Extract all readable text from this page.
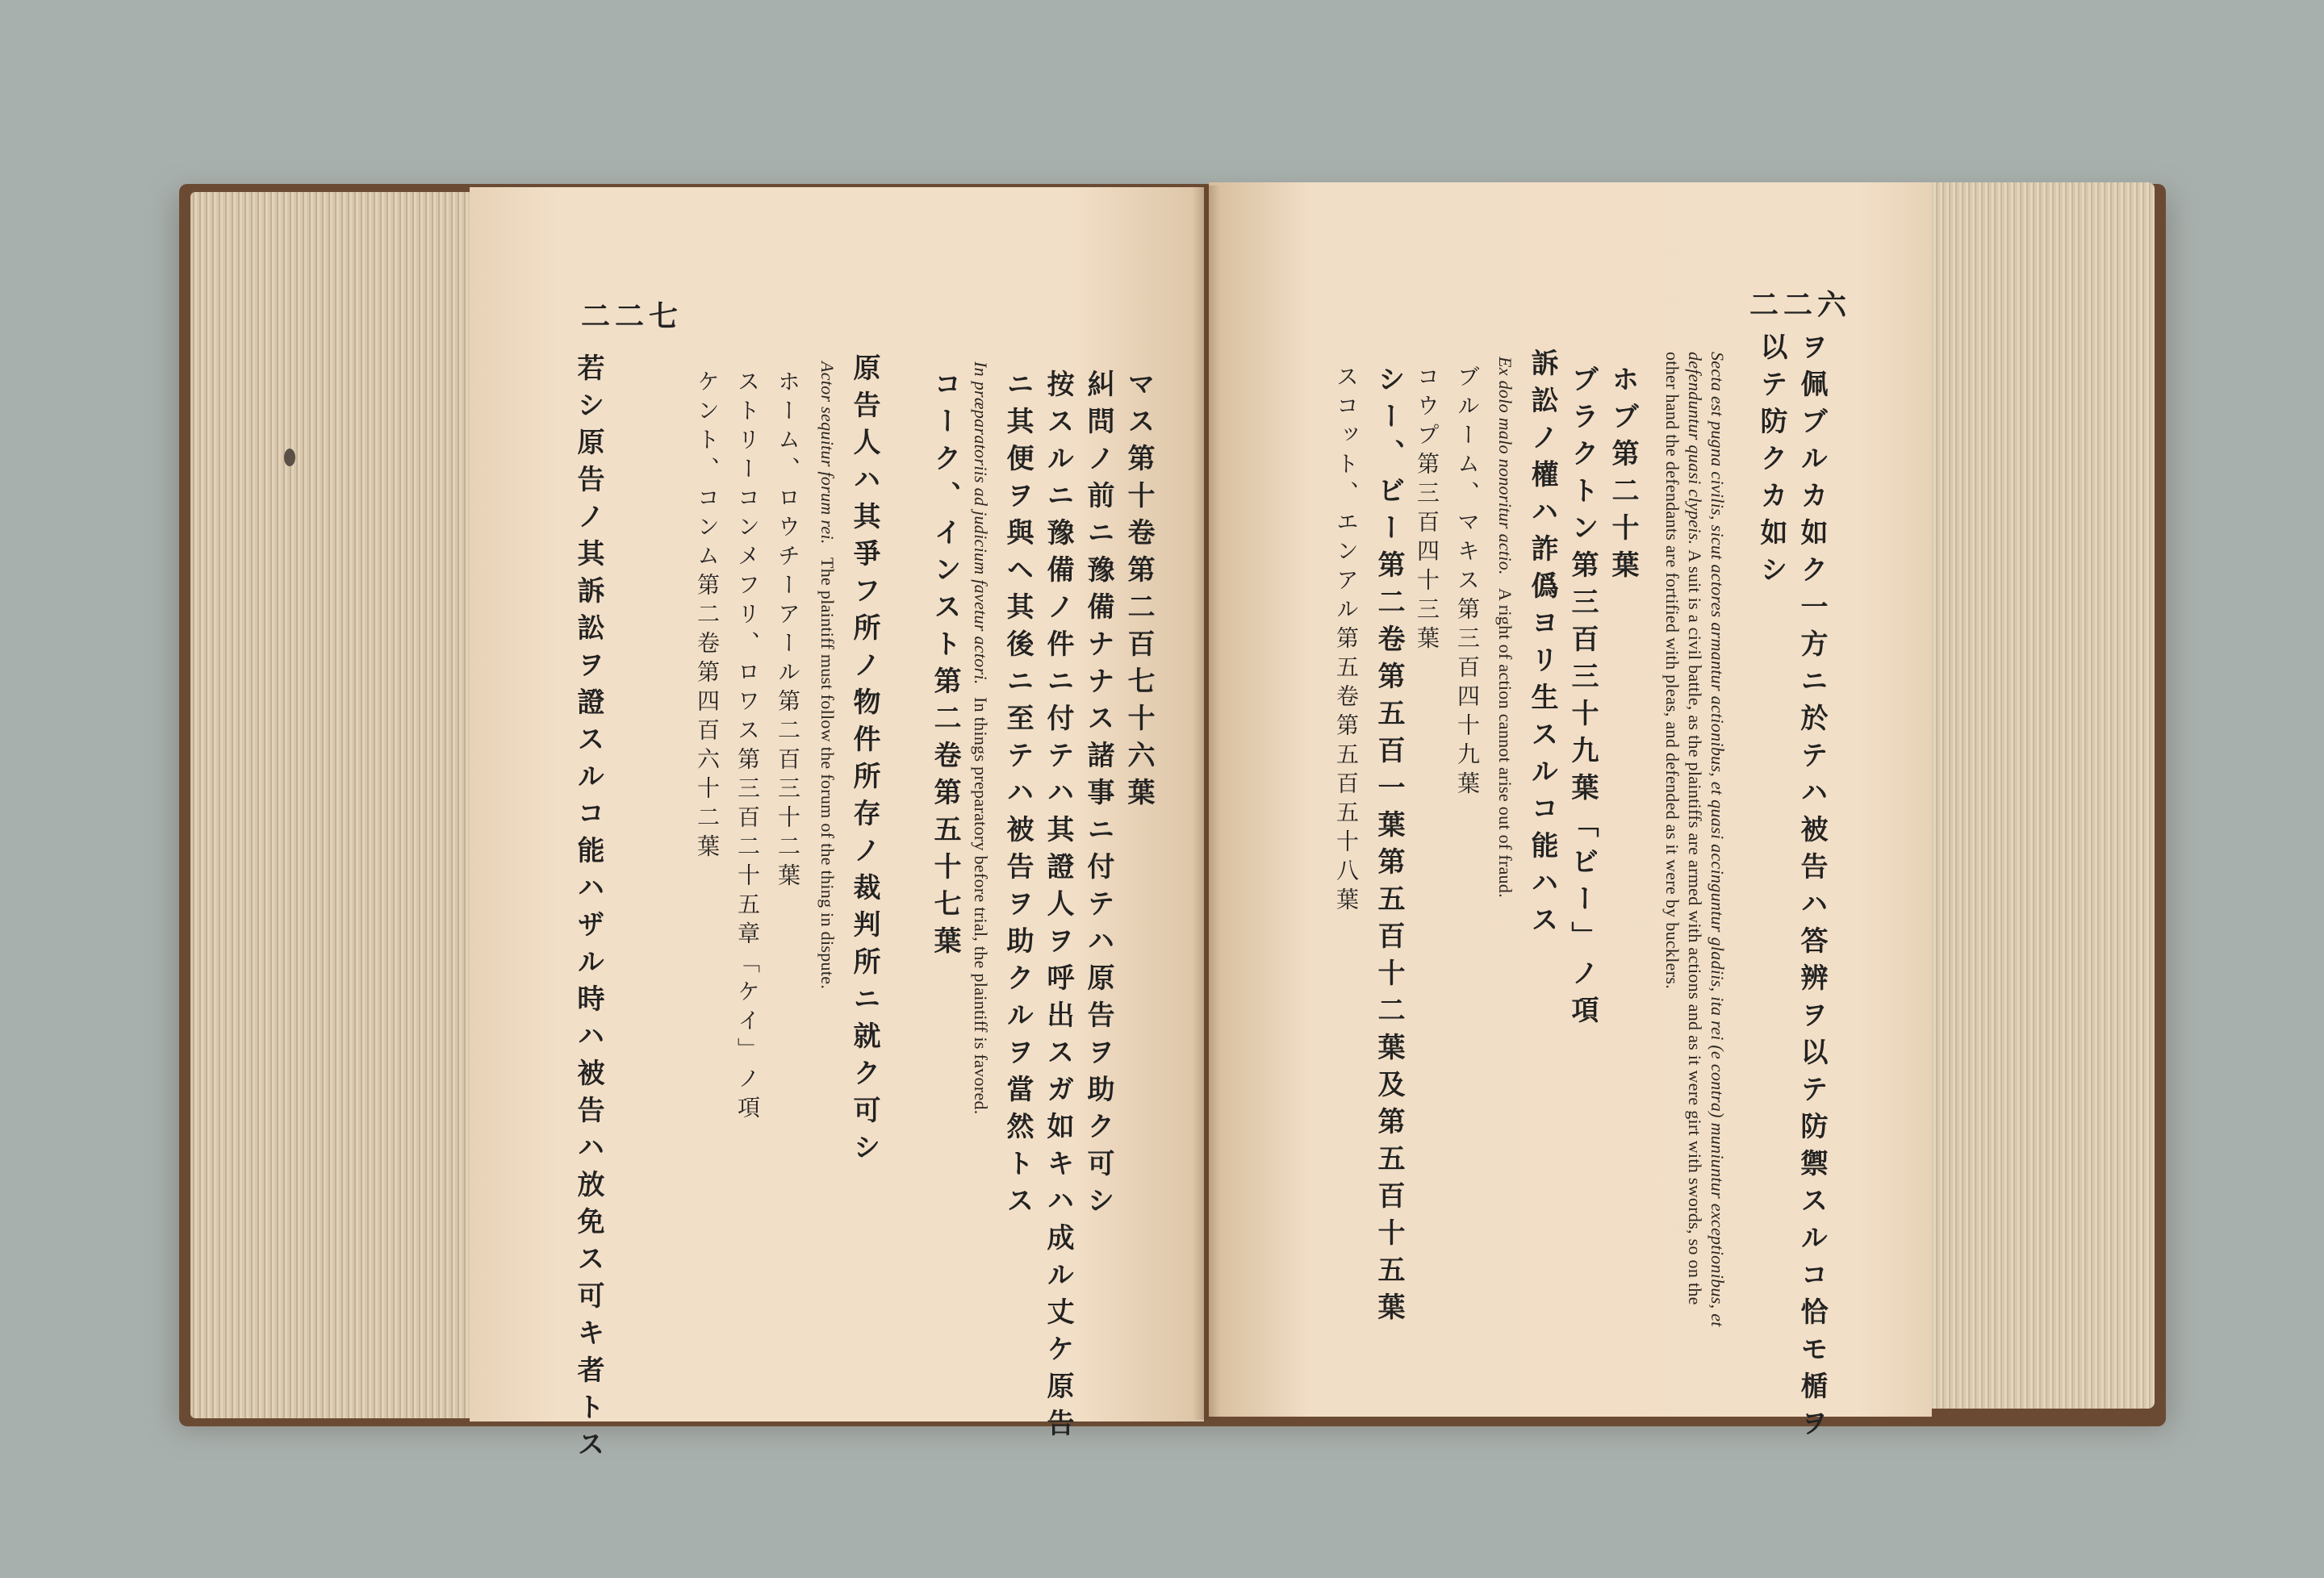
二二七
マス第十卷第二百七十六葉
糾問ノ前ニ豫備ナナス諸事ニ付テハ原告ヲ助ク可シ
按スルニ豫備ノ件ニ付テハ其證人ヲ呼出スガ如キハ成ル丈ケ原告
ニ其便ヲ與ヘ其後ニ至テハ被告ヲ助クルヲ當然トス
In præparatoriis ad judicium favetur actori. In things preparatory before trial, the plaintiff is favored.
コーク、インスト第二卷第五十七葉
原告人ハ其爭フ所ノ物件所存ノ裁判所ニ就ク可シ
Actor sequitur forum rei. The plaintiff must follow the forum of the thing in dispute.
ホーム、ロウチーアール第二百三十二葉
ストリーコンメフリ、ロワス第三百二十五章「ケイ」ノ項
ケント、コンム第二卷第四百六十二葉
若シ原告ノ其訴訟ヲ證スルコ能ハザル時ハ被告ハ放免ス可キ者トス
二二六
ヲ佩ブルカ如ク一方ニ於テハ被告ハ答辨ヲ以テ防禦スルコ恰モ楯ヲ
以テ防クカ如シ
Secta est pugna civilis, sicut actores armantur actionibus, et quasi accinguntur gladiis, ita rei (e contra) muniuntur exceptionibus, et defenduntur quasi clypeis. A suit is a civil battle, as the plaintiffs are armed with actions and as it were girt with swords, so on the other hand the defendants are fortified with pleas, and defended as it were by bucklers.
ホブ第二十葉
ブラクトン第三百三十九葉「ビー」ノ項
訴訟ノ權ハ詐僞ヨリ生スルコ能ハス
Ex dolo malo nonoritur actio. A right of action cannot arise out of fraud.
ブルーム、マキス第三百四十九葉
コウプ第三百四十三葉
シー、ビー第二卷第五百一葉第五百十二葉及第五百十五葉
スコット、エンアル第五卷第五百五十八葉
